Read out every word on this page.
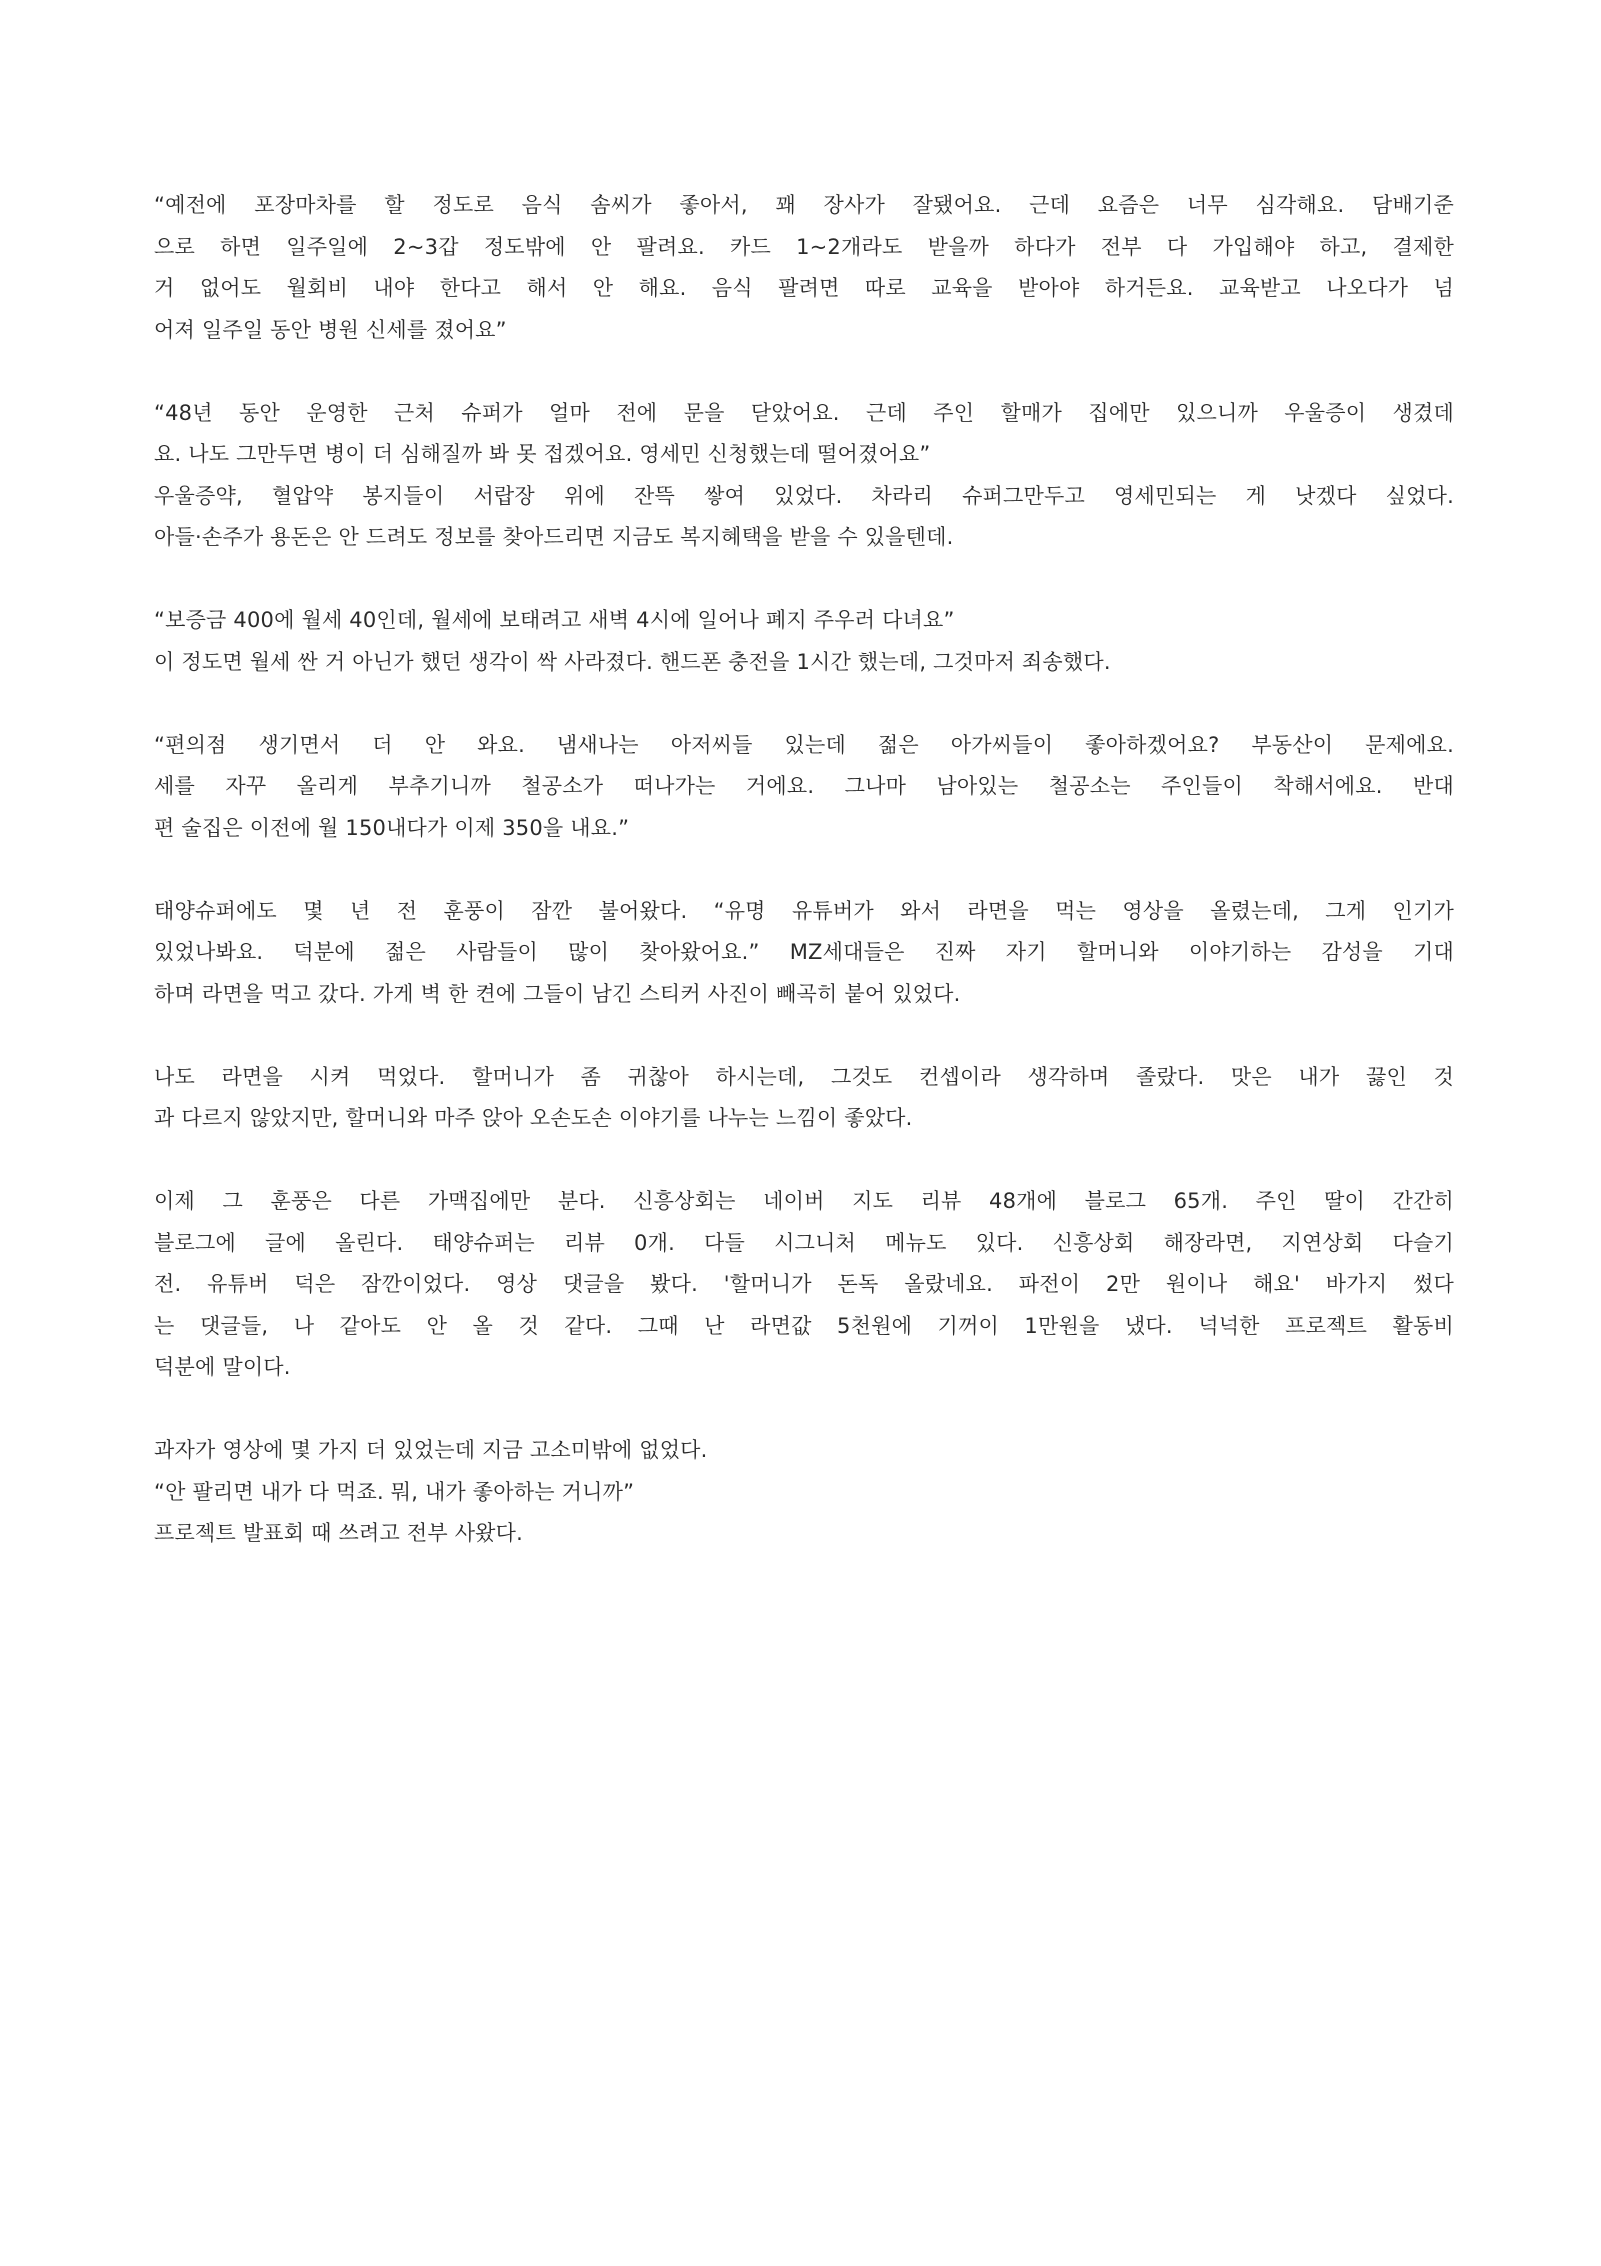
“예전에 포장마차를 할 정도로 음식 솜씨가 좋아서, 꽤 장사가 잘됐어요. 근데 요즘은 너무 심각해요. 담배기준
으로 하면 일주일에 2~3갑 정도밖에 안 팔려요. 카드 1~2개라도 받을까 하다가 전부 다 가입해야 하고, 결제한
거 없어도 월회비 내야 한다고 해서 안 해요. 음식 팔려면 따로 교육을 받아야 하거든요. 교육받고 나오다가 넘
어져 일주일 동안 병원 신세를 졌어요”
“48년 동안 운영한 근처 슈퍼가 얼마 전에 문을 닫았어요. 근데 주인 할매가 집에만 있으니까 우울증이 생겼데
요. 나도 그만두면 병이 더 심해질까 봐 못 접겠어요. 영세민 신청했는데 떨어졌어요”
우울증약, 혈압약 봉지들이 서랍장 위에 잔뜩 쌓여 있었다. 차라리 슈퍼그만두고 영세민되는 게 낫겠다 싶었다.
아들·손주가 용돈은 안 드려도 정보를 찾아드리면 지금도 복지혜택을 받을 수 있을텐데.
“보증금 400에 월세 40인데, 월세에 보태려고 새벽 4시에 일어나 폐지 주우러 다녀요”
이 정도면 월세 싼 거 아닌가 했던 생각이 싹 사라졌다. 핸드폰 충전을 1시간 했는데, 그것마저 죄송했다.
“편의점 생기면서 더 안 와요. 냄새나는 아저씨들 있는데 젊은 아가씨들이 좋아하겠어요? 부동산이 문제에요.
세를 자꾸 올리게 부추기니까 철공소가 떠나가는 거에요. 그나마 남아있는 철공소는 주인들이 착해서에요. 반대
편 술집은 이전에 월 150내다가 이제 350을 내요.”
태양슈퍼에도 몇 년 전 훈풍이 잠깐 불어왔다. “유명 유튜버가 와서 라면을 먹는 영상을 올렸는데, 그게 인기가
있었나봐요. 덕분에 젊은 사람들이 많이 찾아왔어요.” MZ세대들은 진짜 자기 할머니와 이야기하는 감성을 기대
하며 라면을 먹고 갔다. 가게 벽 한 켠에 그들이 남긴 스티커 사진이 빼곡히 붙어 있었다.
나도 라면을 시켜 먹었다. 할머니가 좀 귀찮아 하시는데, 그것도 컨셉이라 생각하며 졸랐다. 맛은 내가 끓인 것
과 다르지 않았지만, 할머니와 마주 앉아 오손도손 이야기를 나누는 느낌이 좋았다.
이제 그 훈풍은 다른 가맥집에만 분다. 신흥상회는 네이버 지도 리뷰 48개에 블로그 65개. 주인 딸이 간간히
블로그에 글에 올린다. 태양슈퍼는 리뷰 0개. 다들 시그니처 메뉴도 있다. 신흥상회 해장라면, 지연상회 다슬기
전. 유튜버 덕은 잠깐이었다. 영상 댓글을 봤다. '할머니가 돈독 올랐네요. 파전이 2만 원이나 해요' 바가지 썼다
는 댓글들, 나 같아도 안 올 것 같다. 그때 난 라면값 5천원에 기꺼이 1만원을 냈다. 넉넉한 프로젝트 활동비
덕분에 말이다.
과자가 영상에 몇 가지 더 있었는데 지금 고소미밖에 없었다.
“안 팔리면 내가 다 먹죠. 뭐, 내가 좋아하는 거니까”
프로젝트 발표회 때 쓰려고 전부 사왔다.
